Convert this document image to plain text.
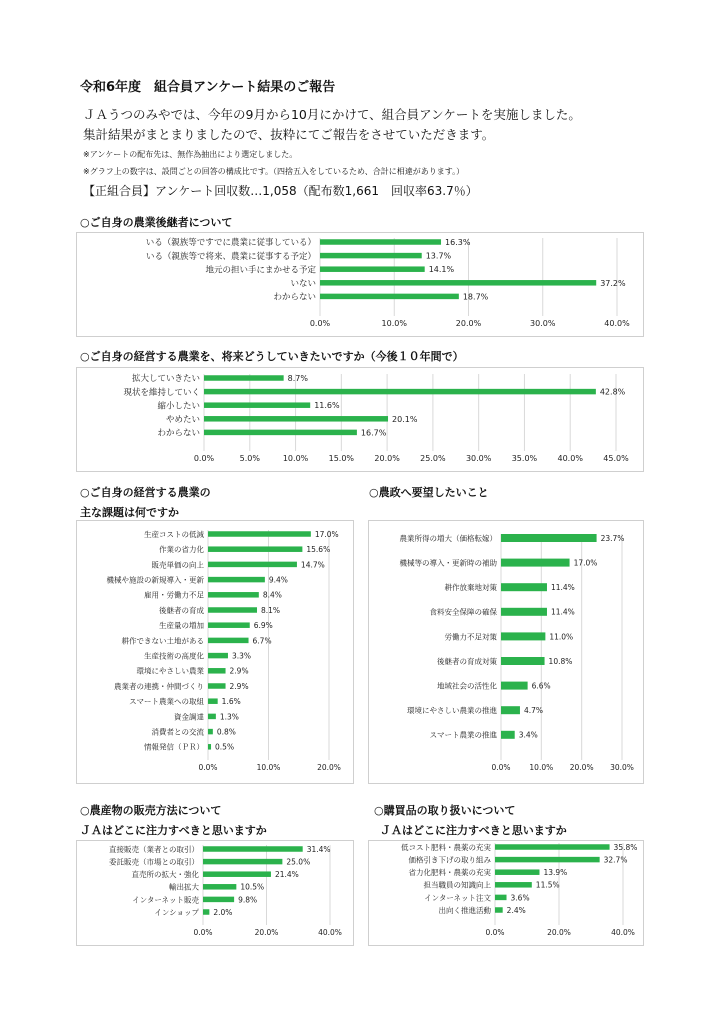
令和6年度　組合員アンケート結果のご報告
ＪＡうつのみやでは、今年の9月から10月にかけて、組合員アンケートを実施しました。
集計結果がまとまりましたので、抜粋にてご報告をさせていただきます。
※アンケートの配布先は、無作為抽出により選定しました。
※グラフ上の数字は、設問ごとの回答の構成比です。（四捨五入をしているため、合計に相違があります。）
【正組合員】アンケート回収数…1,058（配布数1,661　回収率63.7％）
○ご自身の農業後継者について
0.0%	10.0%	20.0%	30.0%	40.0%
いる（親族等ですでに農業に従事している）	16.3%
いる（親族等で将来、農業に従事する予定）	13.7%
地元の担い手にまかせる予定	14.1%
いない	37.2%
わからない	18.7%
○ご自身の経営する農業を、将来どうしていきたいですか（今後１０年間で）
0.0%	5.0%	10.0%	15.0%	20.0%	25.0%	30.0%	35.0%	40.0%	45.0%
拡大していきたい	8.7%
現状を維持していく	42.8%
縮小したい	11.6%
やめたい	20.1%
わからない	16.7%
○ご自身の経営する農業の
主な課題は何ですか
0.0%	10.0%	20.0%
生産コストの低減	17.0%
作業の省力化	15.6%
販売単価の向上	14.7%
機械や施設の新規導入・更新	9.4%
雇用・労働力不足	8.4%
後継者の育成	8.1%
生産量の増加	6.9%
耕作できない土地がある	6.7%
生産技術の高度化	3.3%
環境にやさしい農業	2.9%
農業者の連携・仲間づくり	2.9%
スマート農業への取組 1.6%
資金調達 1.3%
消費者との交流 0.8%
情報発信（ＰＲ） 0.5%
○農政へ要望したいこと
0.0%	10.0% 20.0% 30.0%
農業所得の増大（価格転嫁）	23.7%
機械等の導入・更新時の補助	17.0%
耕作放棄地対策	11.4%
食料安全保障の確保	11.4%
労働力不足対策	11.0%
後継者の育成対策	10.8%
地域社会の活性化	6.6%
環境にやさしい農業の推進	4.7%
スマート農業の推進	3.4%
○農産物の販売方法について
ＪＡはどこに注力すべきと思いますか
0.0%	20.0%	40.0%
直接販売（業者との取引）	31.4%
委託販売（市場との取引）	25.0%
直売所の拡大・強化	21.4%
輸出拡大	10.5%
インターネット販売	9.8%
インショップ 2.0%
○購買品の取り扱いについて
ＪＡはどこに注力すべきと思いますか
0.0%	20.0%	40.0%
低コスト肥料・農薬の充実	35.8%
価格引き下げの取り組み	32.7%
省力化肥料・農薬の充実	13.9%
担当職員の知識向上	11.5%
インターネット注文	3.6%
出向く推進活動 2.4%
